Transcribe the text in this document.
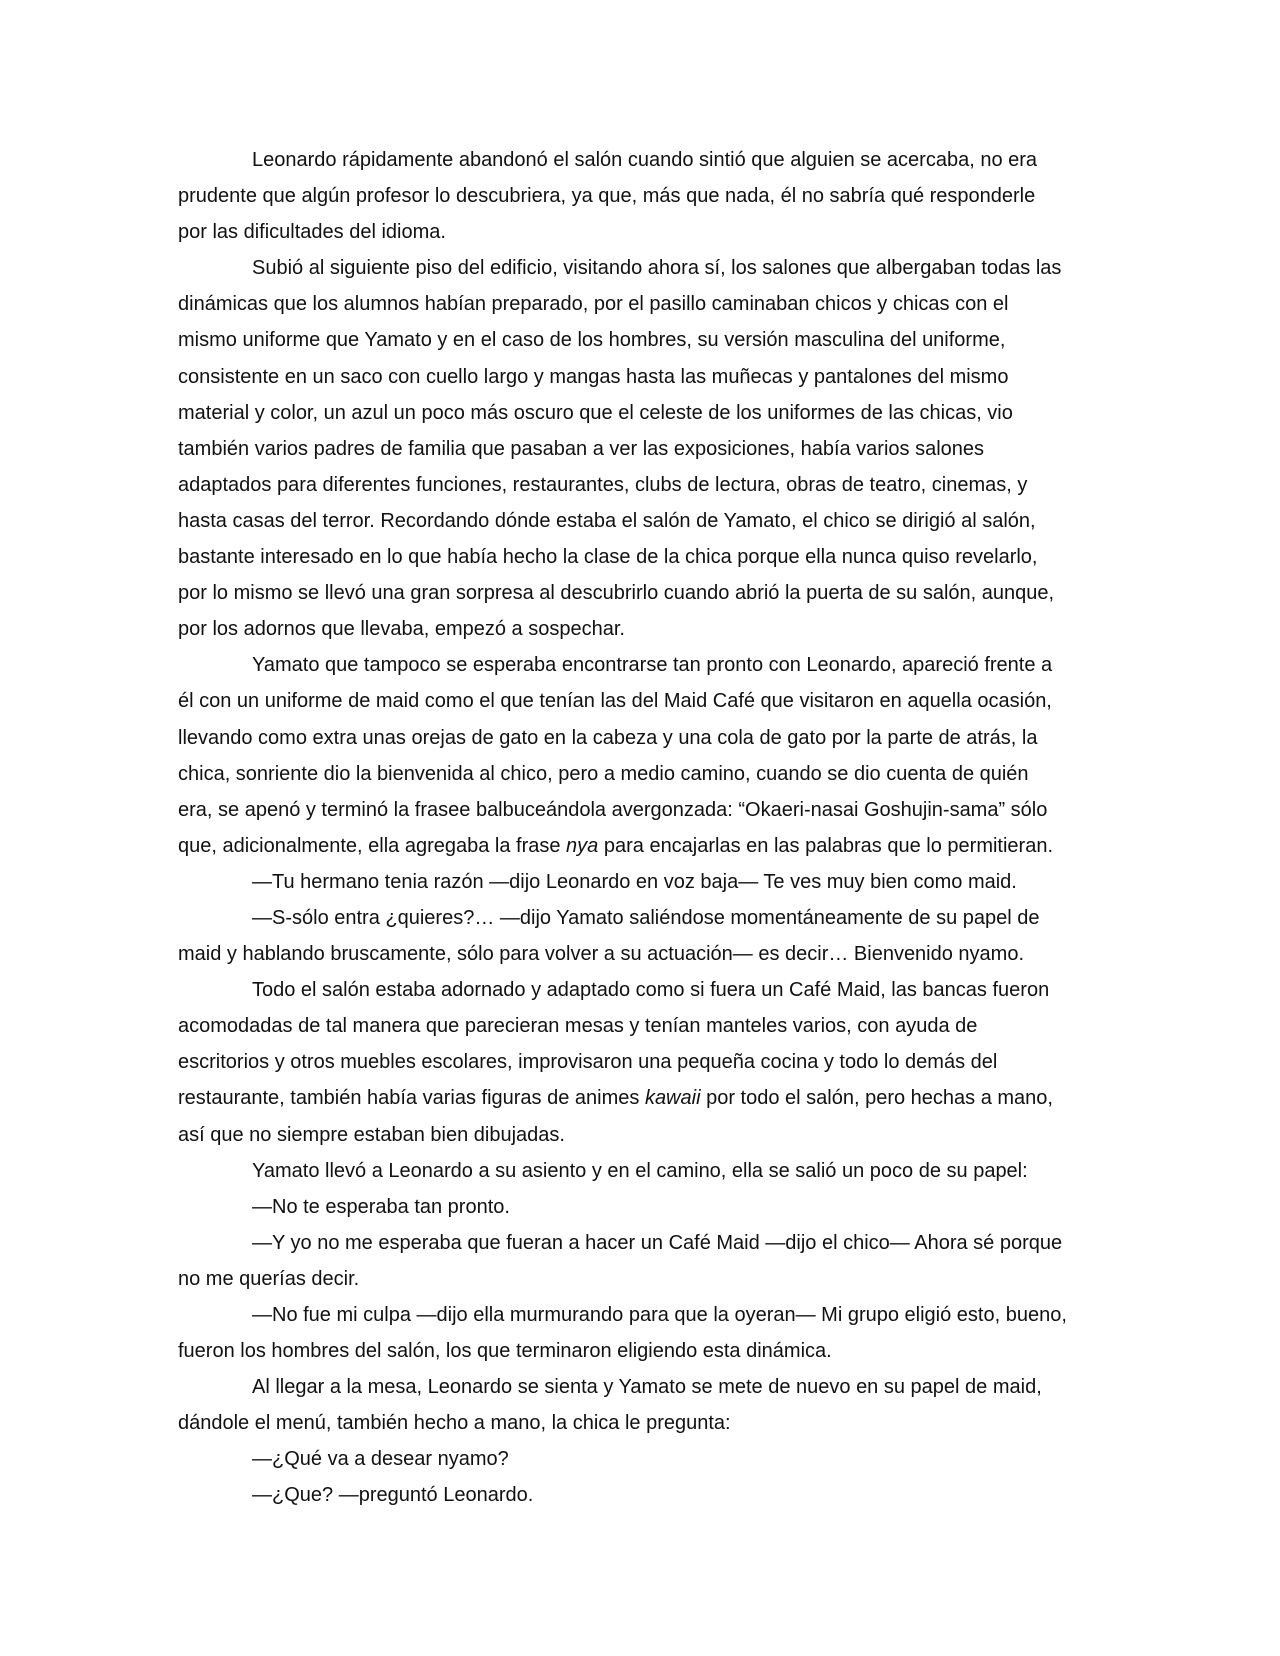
Leonardo rápidamente abandonó el salón cuando sintió que alguien se acercaba, no era
prudente que algún profesor lo descubriera, ya que, más que nada, él no sabría qué responderle
por las dificultades del idioma.
Subió al siguiente piso del edificio, visitando ahora sí, los salones que albergaban todas las
dinámicas que los alumnos habían preparado, por el pasillo caminaban chicos y chicas con el
mismo uniforme que Yamato y en el caso de los hombres, su versión masculina del uniforme,
consistente en un saco con cuello largo y mangas hasta las muñecas y pantalones del mismo
material y color, un azul un poco más oscuro que el celeste de los uniformes de las chicas, vio
también varios padres de familia que pasaban a ver las exposiciones, había varios salones
adaptados para diferentes funciones, restaurantes, clubs de lectura, obras de teatro, cinemas, y
hasta casas del terror. Recordando dónde estaba el salón de Yamato, el chico se dirigió al salón,
bastante interesado en lo que había hecho la clase de la chica porque ella nunca quiso revelarlo,
por lo mismo se llevó una gran sorpresa al descubrirlo cuando abrió la puerta de su salón, aunque,
por los adornos que llevaba, empezó a sospechar.
Yamato que tampoco se esperaba encontrarse tan pronto con Leonardo, apareció frente a
él con un uniforme de maid como el que tenían las del Maid Café que visitaron en aquella ocasión,
llevando como extra unas orejas de gato en la cabeza y una cola de gato por la parte de atrás, la
chica, sonriente dio la bienvenida al chico, pero a medio camino, cuando se dio cuenta de quién
era, se apenó y terminó la frasee balbuceándola avergonzada: “Okaeri-nasai Goshujin-sama” sólo
que, adicionalmente, ella agregaba la frase nya para encajarlas en las palabras que lo permitieran.
—Tu hermano tenia razón —dijo Leonardo en voz baja— Te ves muy bien como maid.
—S-sólo entra ¿quieres?… —dijo Yamato saliéndose momentáneamente de su papel de
maid y hablando bruscamente, sólo para volver a su actuación— es decir… Bienvenido nyamo.
Todo el salón estaba adornado y adaptado como si fuera un Café Maid, las bancas fueron
acomodadas de tal manera que parecieran mesas y tenían manteles varios, con ayuda de
escritorios y otros muebles escolares, improvisaron una pequeña cocina y todo lo demás del
restaurante, también había varias figuras de animes kawaii por todo el salón, pero hechas a mano,
así que no siempre estaban bien dibujadas.
Yamato llevó a Leonardo a su asiento y en el camino, ella se salió un poco de su papel:
—No te esperaba tan pronto.
—Y yo no me esperaba que fueran a hacer un Café Maid —dijo el chico— Ahora sé porque
no me querías decir.
—No fue mi culpa —dijo ella murmurando para que la oyeran— Mi grupo eligió esto, bueno,
fueron los hombres del salón, los que terminaron eligiendo esta dinámica.
Al llegar a la mesa, Leonardo se sienta y Yamato se mete de nuevo en su papel de maid,
dándole el menú, también hecho a mano, la chica le pregunta:
—¿Qué va a desear nyamo?
—¿Que? —preguntó Leonardo.
